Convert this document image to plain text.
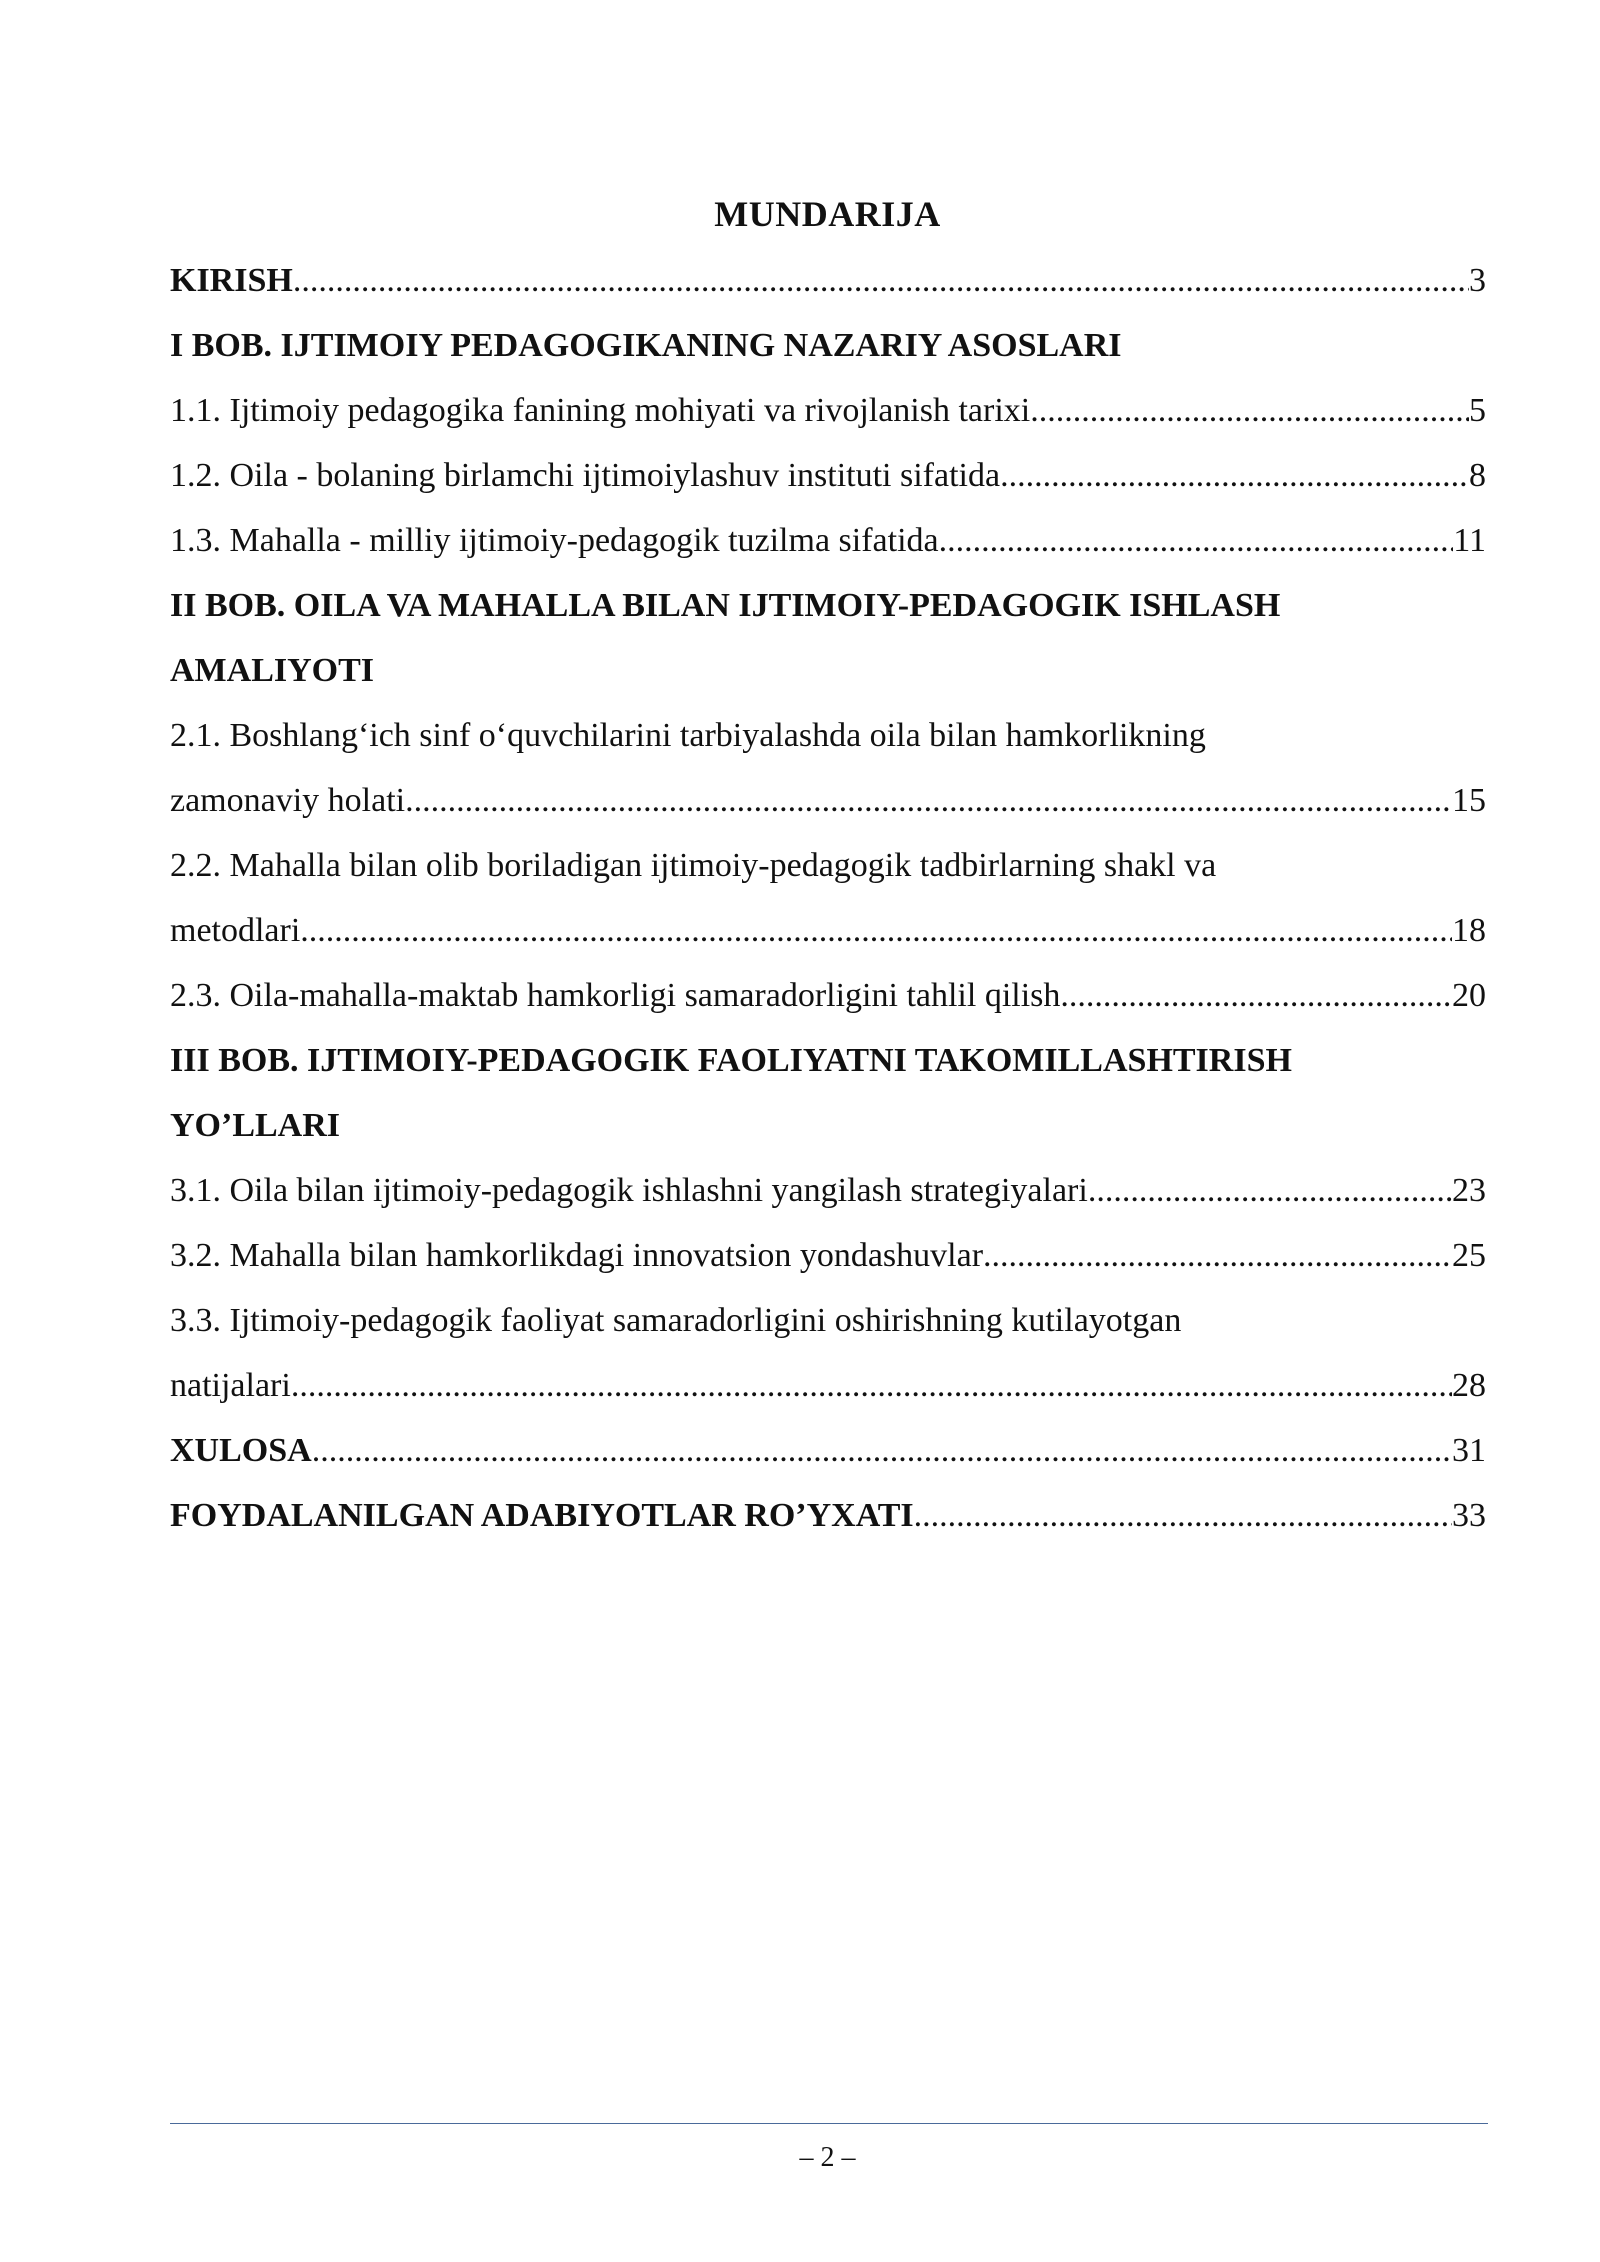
MUNDARIJA
KIRISH .....	3
I BOB. IJTIMOIY PEDAGOGIKANING NAZARIY ASOSLARI
1.1. Ijtimoiy pedagogika fanining mohiyati va rivojlanish tarixi .....	5
1.2. Oila - bolaning birlamchi ijtimoiylashuv instituti sifatida .....	8
1.3. Mahalla - milliy ijtimoiy-pedagogik tuzilma sifatida .....	11
II BOB. OILA VA MAHALLA BILAN IJTIMOIY-PEDAGOGIK ISHLASH
AMALIYOTI
2.1. Boshlang‘ich sinf o‘quvchilarini tarbiyalashda oila bilan hamkorlikning
zamonaviy holati .....	15
2.2. Mahalla bilan olib boriladigan ijtimoiy-pedagogik tadbirlarning shakl va
metodlari .....	18
2.3. Oila-mahalla-maktab hamkorligi samaradorligini tahlil qilish .....	20
III BOB. IJTIMOIY-PEDAGOGIK FAOLIYATNI TAKOMILLASHTIRISH
YO’LLARI
3.1. Oila bilan ijtimoiy-pedagogik ishlashni yangilash strategiyalari .....	23
3.2. Mahalla bilan hamkorlikdagi innovatsion yondashuvlar .....	25
3.3. Ijtimoiy-pedagogik faoliyat samaradorligini oshirishning kutilayotgan
natijalari .....	28
XULOSA .....	31
FOYDALANILGAN ADABIYOTLAR RO’YXATI .....	33
– 2 –
